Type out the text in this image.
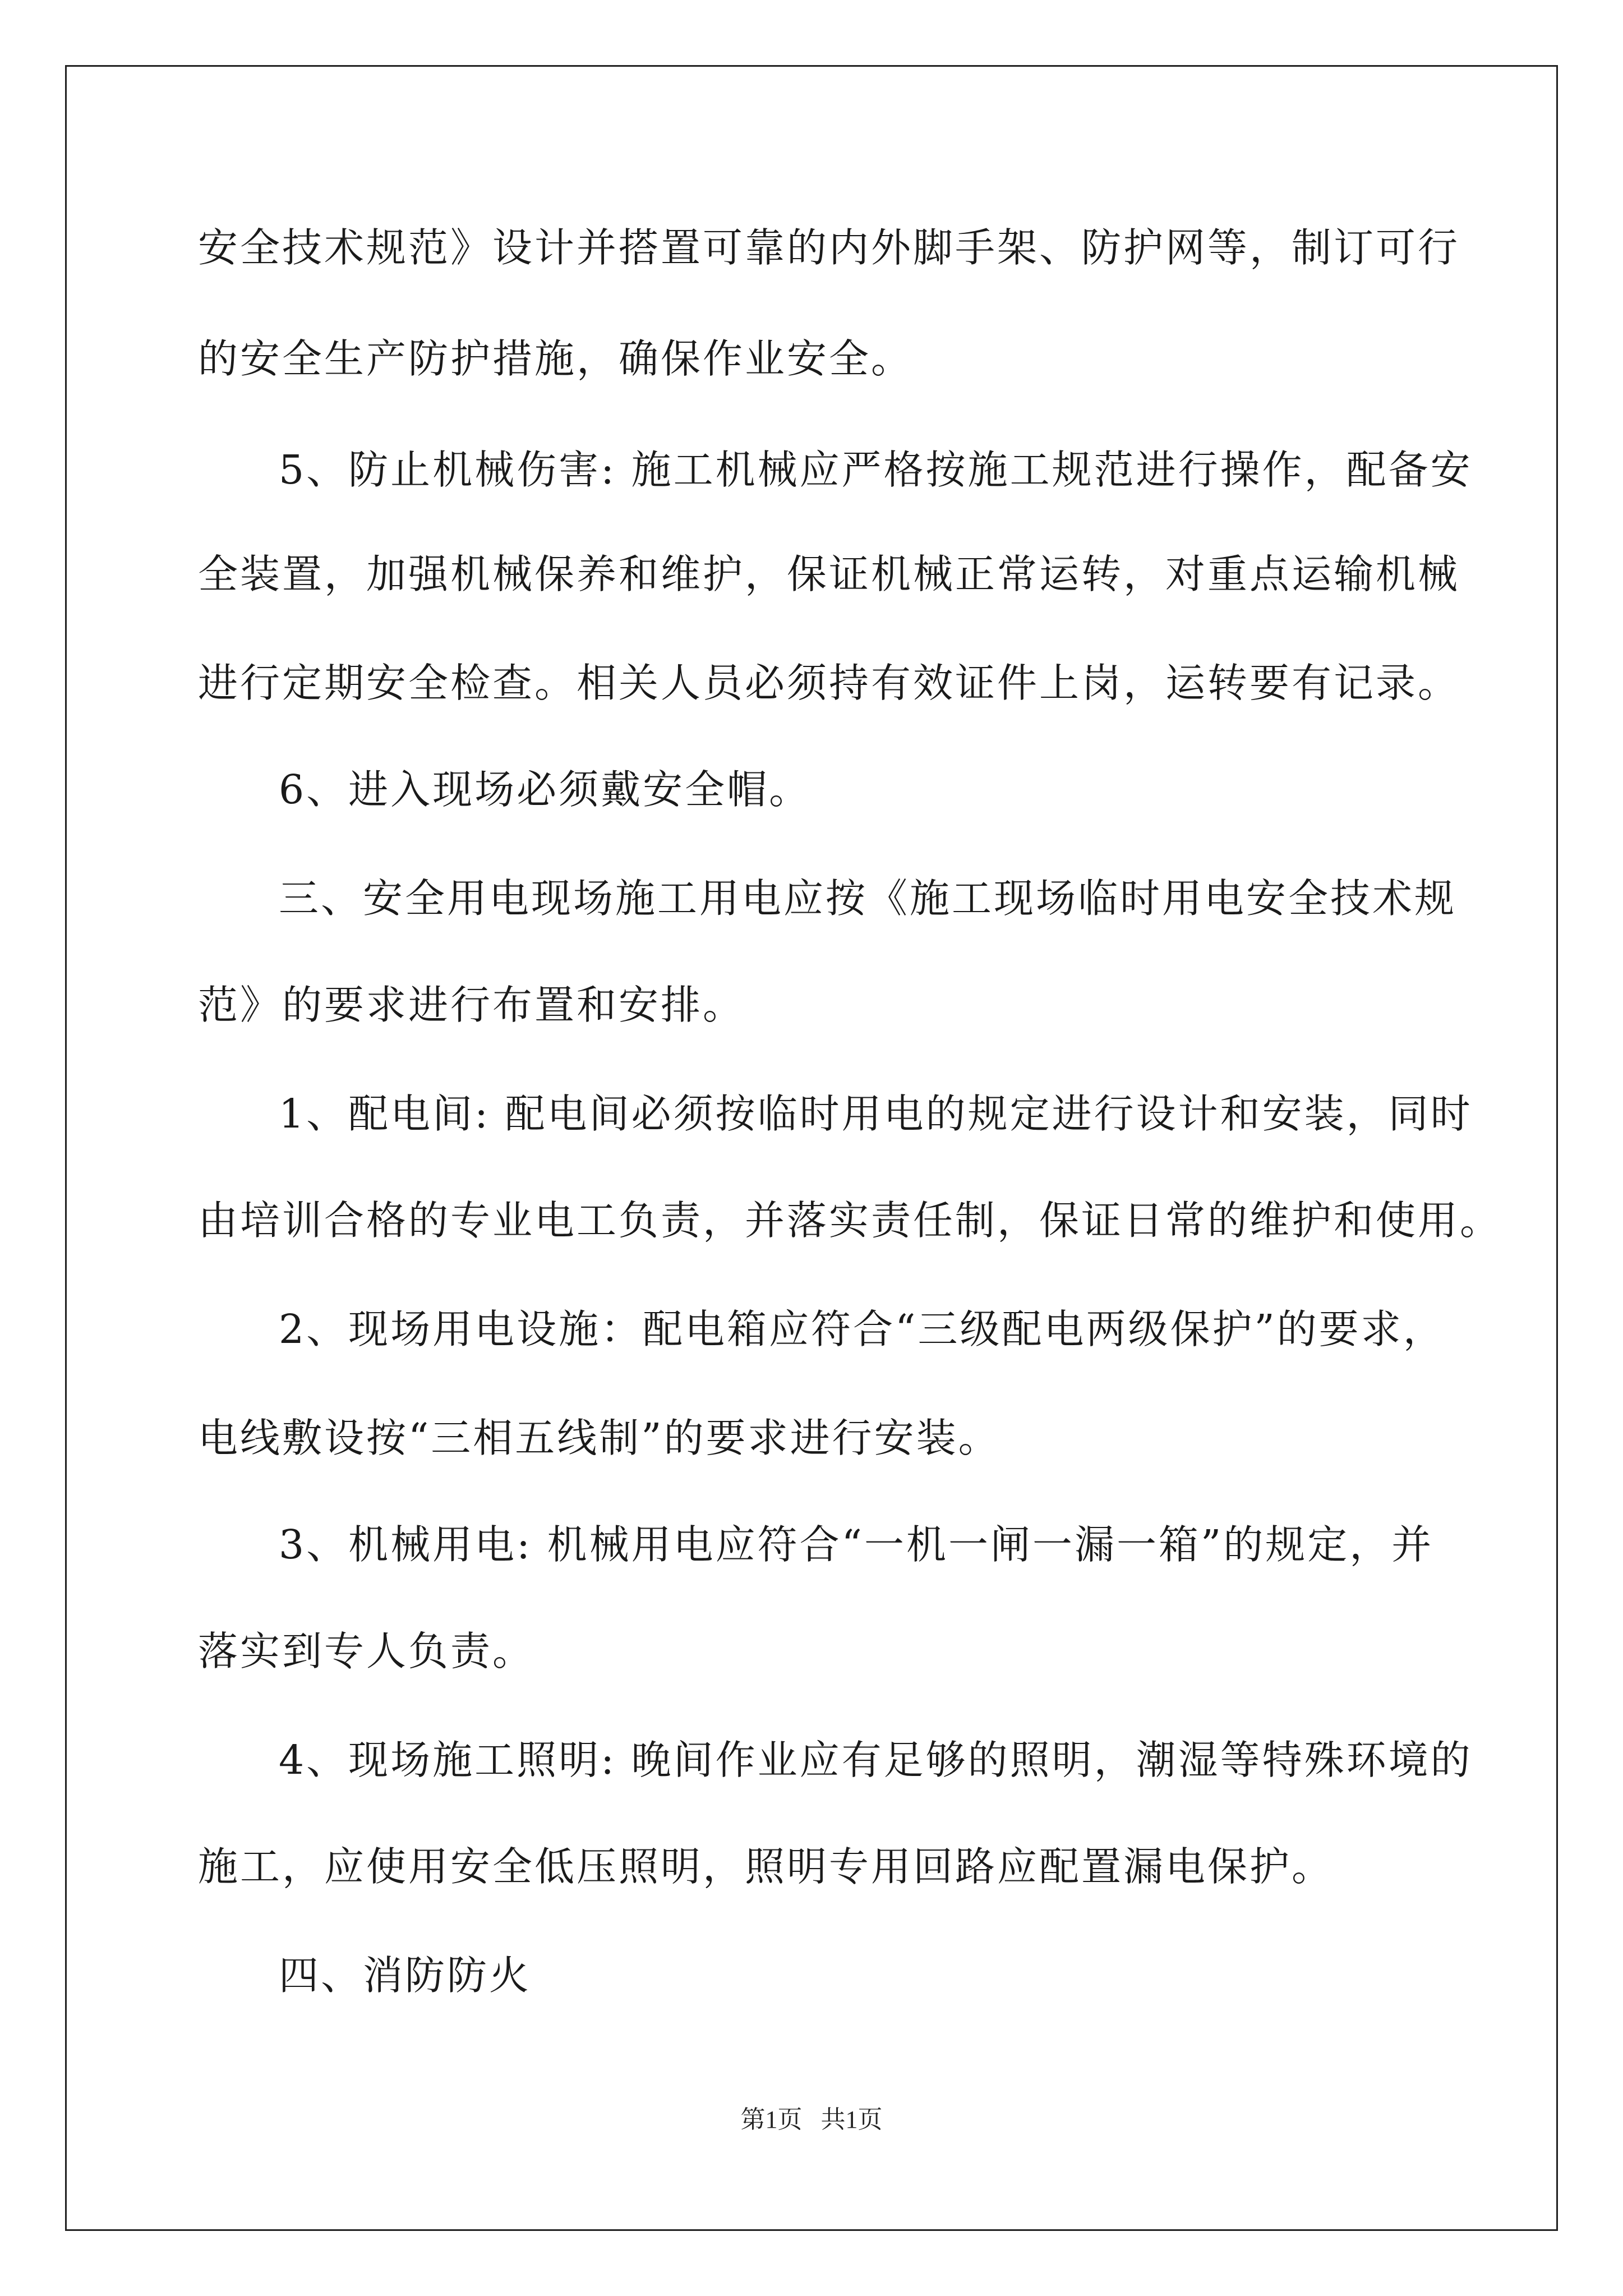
安全技术规范》设计并搭置可靠的内外脚手架、防护网等，制订可行
的安全生产防护措施，确保作业安全。
5、防止机械伤害: 施工机械应严格按施工规范进行操作，配备安
全装置，加强机械保养和维护，保证机械正常运转，对重点运输机械
进行定期安全检查。相关人员必须持有效证件上岗，运转要有记录。
6、进入现场必须戴安全帽。
三、安全用电现场施工用电应按《施工现场临时用电安全技术规
范》的要求进行布置和安排。
1、配电间: 配电间必须按临时用电的规定进行设计和安装，同时
由培训合格的专业电工负责，并落实责任制，保证日常的维护和使用。
2、现场用电设施：配电箱应符合“三级配电两级保护”的要求，
电线敷设按“三相五线制”的要求进行安装。
3、机械用电: 机械用电应符合“一机一闸一漏一箱”的规定，并
落实到专人负责。
4、现场施工照明: 晚间作业应有足够的照明，潮湿等特殊环境的
施工，应使用安全低压照明，照明专用回路应配置漏电保护。
四、消防防火
第1页   共1页
